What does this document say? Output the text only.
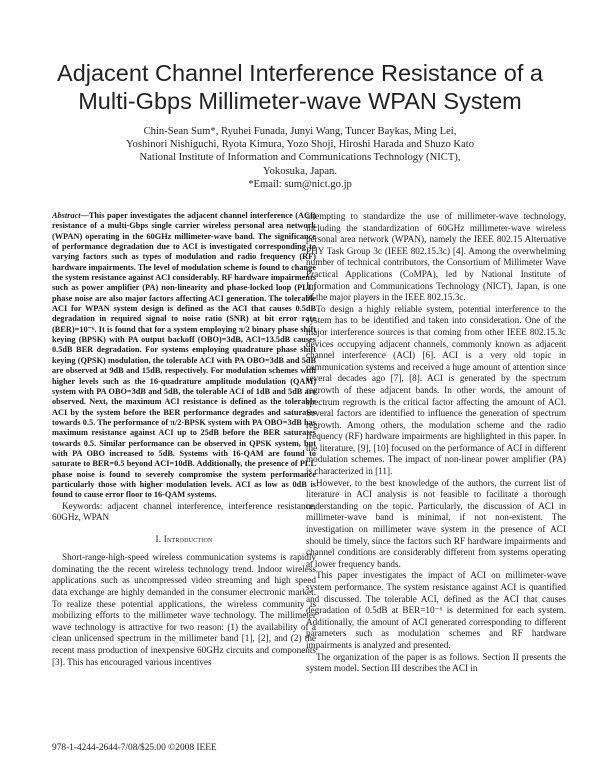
Adjacent Channel Interference Resistance of a
Multi-Gbps Millimeter-wave WPAN System
Chin-Sean Sum*, Ryuhei Funada, Junyi Wang, Tuncer Baykas, Ming Lei,
Yoshinori Nishiguchi, Ryota Kimura, Yozo Shoji, Hiroshi Harada and Shuzo Kato
National Institute of Information and Communications Technology (NICT),
Yokosuka, Japan.
*Email: sum@nict.go.jp

Abstract—This paper investigates the adjacent channel interference (ACI) resistance of a multi-Gbps single carrier wireless personal area network (WPAN) operating in the 60GHz millimeter-wave band. The significance of performance degradation due to ACI is investigated corresponding to varying factors such as types of modulation and radio frequency (RF) hardware impairments. The level of modulation scheme is found to change the system resistance against ACI considerably. RF hardware impairments such as power amplifier (PA) non-linearity and phase-locked loop (PLL) phase noise are also major factors affecting ACI generation. The tolerable ACI for WPAN system design is defined as the ACI that causes 0.5dB degradation in required signal to noise ratio (SNR) at bit error rate (BER)=10⁻⁶. It is found that for a system employing π/2 binary phase shift keying (BPSK) with PA output backoff (OBO)=3dB, ACI=13.5dB causes 0.5dB BER degradation. For systems employing quadrature phase shift keying (QPSK) modulation, the tolerable ACI with PA OBO=3dB and 5dB are observed at 9dB and 15dB, respectively. For modulation schemes with higher levels such as the 16-quadrature amplitude modulation (QAM) system with PA OBO=3dB and 5dB, the tolerable ACI of 1dB and 5dB are observed. Next, the maximum ACI resistance is defined as the tolerable ACI by the system before the BER performance degrades and saturates towards 0.5. The performance of π/2-BPSK system with PA OBO=3dB has maximum resistance against ACI up to 25dB before the BER saturates towards 0.5. Similar performance can be observed in QPSK system, but with PA OBO increased to 5dB. Systems with 16-QAM are found to saturate to BER=0.5 beyond ACI=10dB. Additionally, the presence of PLL phase noise is found to severely compromise the system performance particularly those with higher modulation levels. ACI as low as 0dB is found to cause error floor to 16-QAM systems.

Keywords: adjacent channel interference, interference resistance, 60GHz, WPAN

I. Introduction

Short-range-high-speed wireless communication systems is rapidly dominating the the recent wireless technology trend. Indoor wireless applications such as uncompressed video streaming and high speed data exchange are highly demanded in the consumer electronic market. To realize these potential applications, the wireless community is mobilizing efforts to the millimeter wave technology. The millimeter wave technology is attractive for two reason: (1) the availability of a clean unlicensed spectrum in the millimeter band [1], [2], and (2) the recent mass production of inexpensive 60GHz circuits and components [3]. This has encouraged various incentives

attempting to standardize the use of millimeter-wave technology, including the standardization of 60GHz millimeter-wave wireless personal area network (WPAN), namely the IEEE 802.15 Alternative PHY Task Group 3c (IEEE 802.15.3c) [4]. Among the overwhelming number of technical contributors, the Consortium of Millimeter Wave Practical Applications (CoMPA), led by National Institute of Information and Communications Technology (NICT), Japan, is one of the major players in the IEEE 802.15.3c.

To design a highly reliable system, potential interference to the system has to be identified and taken into consideration. One of the major interference sources is that coming from other IEEE 802.15.3c devices occupying adjacent channels, commonly known as adjacent channel interference (ACI) [6]. ACI is a very old topic in communication systems and received a huge amount of attention since several decades ago [7], [8]. ACI is generated by the spectrum regrowth of these adjacent bands. In other words, the amount of spectrum regrowth is the critical factor affecting the amount of ACI. Several factors are identified to influence the generation of spectrum regrowth. Among others, the modulation scheme and the radio frequency (RF) hardware impairments are highlighted in this paper. In the literature, [9], [10] focused on the performance of ACI in different modulation schemes. The impact of non-linear power amplifier (PA) is characterized in [11].

However, to the best knowledge of the authors, the current list of literature in ACI analysis is not feasible to facilitate a thorough understanding on the topic. Particularly, the discussion of ACI in millimeter-wave band is minimal, if not non-existent. The investigation on millimeter wave system in the presence of ACI should be timely, since the factors such RF hardware impairments and channel conditions are considerably different from systems operating at lower frequency bands.

This paper investigates the impact of ACI on millimeter-wave system performance. The system resistance against ACI is quantified and discussed. The tolerable ACI, defined as the ACI that causes degradation of 0.5dB at BER=10⁻⁶ is determined for each system. Additionally, the amount of ACI generated corresponding to different parameters such as modulation schemes and RF hardware impairments is analyzed and presented.

The organization of the paper is as follows. Section II presents the system model. Section III describes the ACI in

978-1-4244-2644-7/08/$25.00 ©2008 IEEE
